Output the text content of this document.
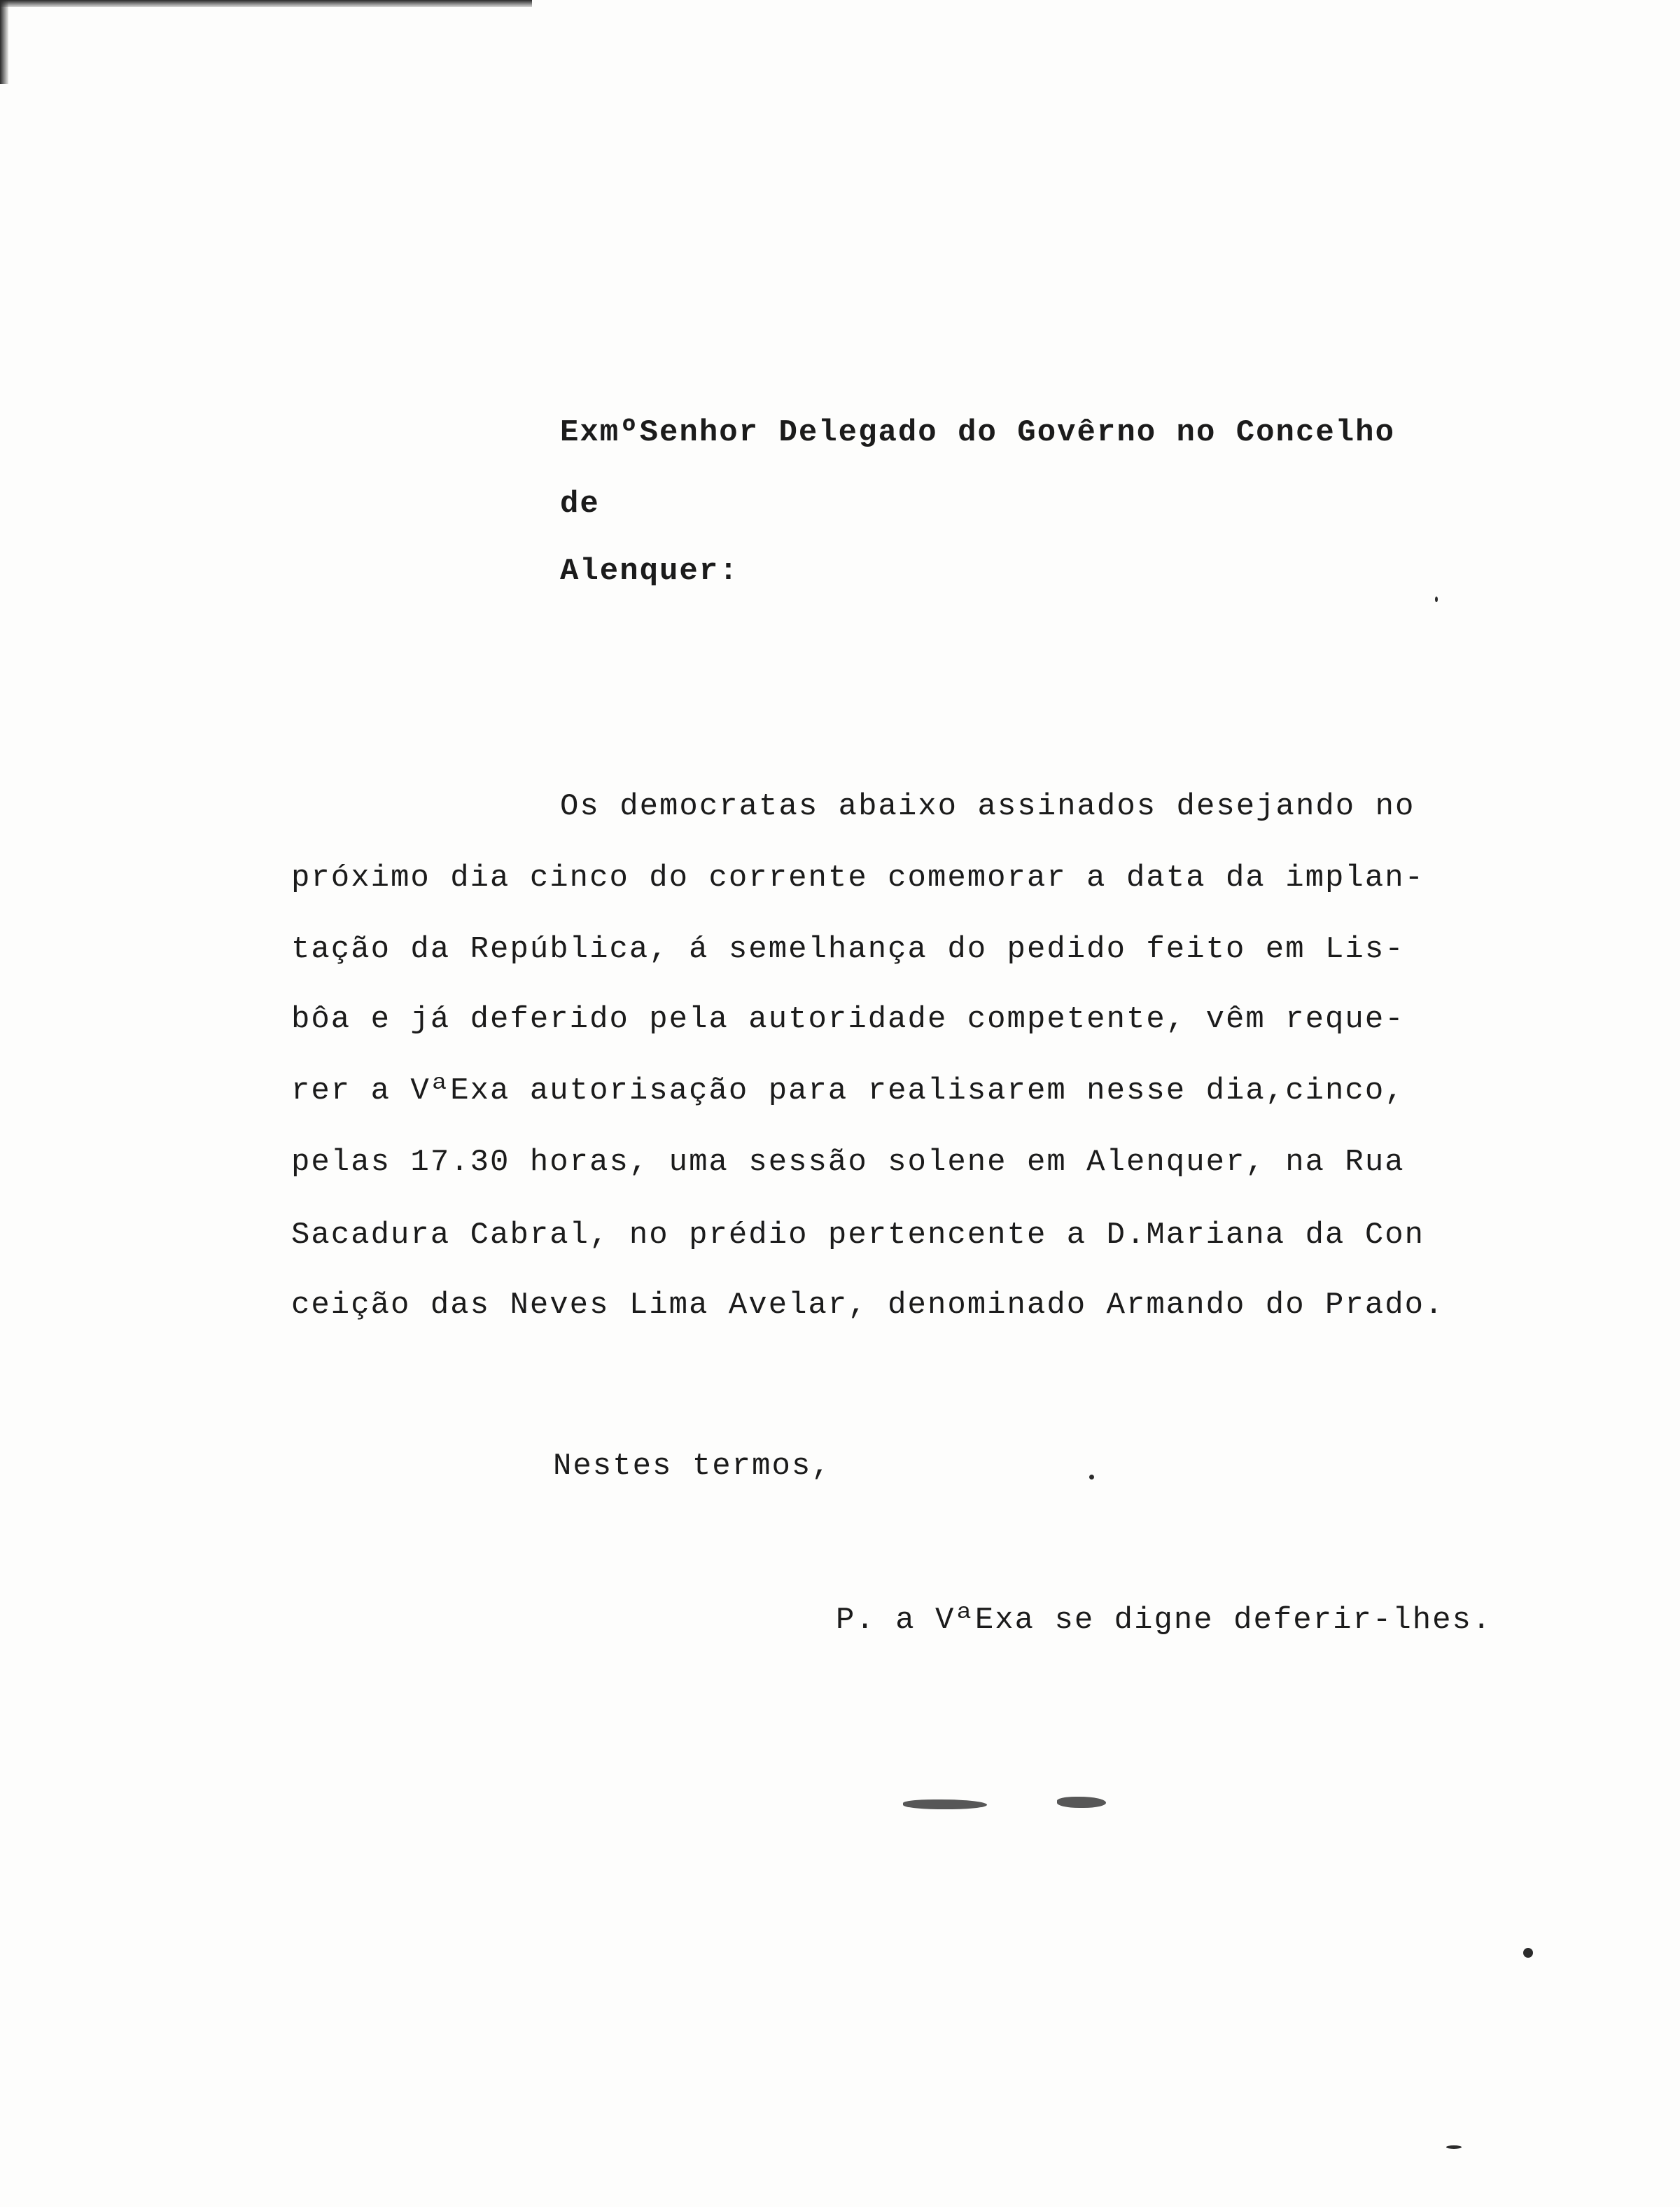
ExmºSenhor Delegado do Govêrno no Concelho
de
Alenquer:
Os democratas abaixo assinados desejando no
próximo dia cinco do corrente comemorar a data da implan-
tação da República, á semelhança do pedido feito em Lis-
bôa e já deferido pela autoridade competente, vêm reque-
rer a VªExa autorisação para realisarem nesse dia,cinco,
pelas 17.30 horas, uma sessão solene em Alenquer, na Rua
Sacadura Cabral, no prédio pertencente a D.Mariana da Con
ceição das Neves Lima Avelar, denominado Armando do Prado.
Nestes termos,
P. a VªExa se digne deferir-lhes.
